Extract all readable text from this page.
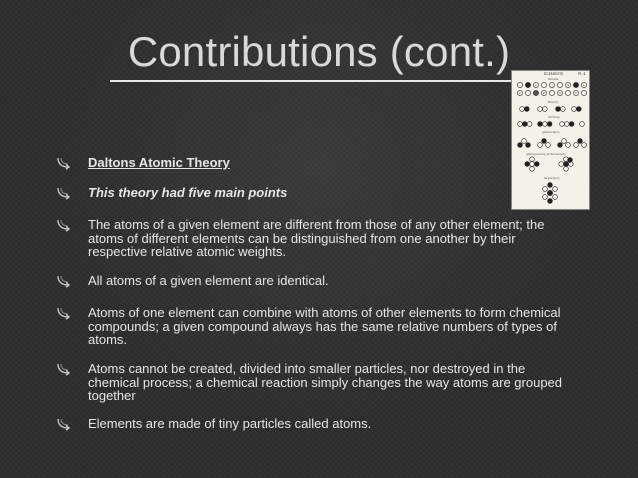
Contributions (cont.)	ELEMENTS	Pl. 4
Simple
+	|	S	L
C	Z	G	P
Binary
Ternary
Quaternary
Quinquenary & Sextenary
Septenary
Daltons Atomic Theory
This theory had five main points
The atoms of a given element are different from those of any other element; the atoms of different elements can be distinguished from one another by their respective relative atomic weights.
All atoms of a given element are identical.
Atoms of one element can combine with atoms of other elements to form chemical compounds; a given compound always has the same relative numbers of types of atoms.
Atoms cannot be created, divided into smaller particles, nor destroyed in the chemical process; a chemical reaction simply changes the way atoms are grouped together
Elements are made of tiny particles called atoms.
